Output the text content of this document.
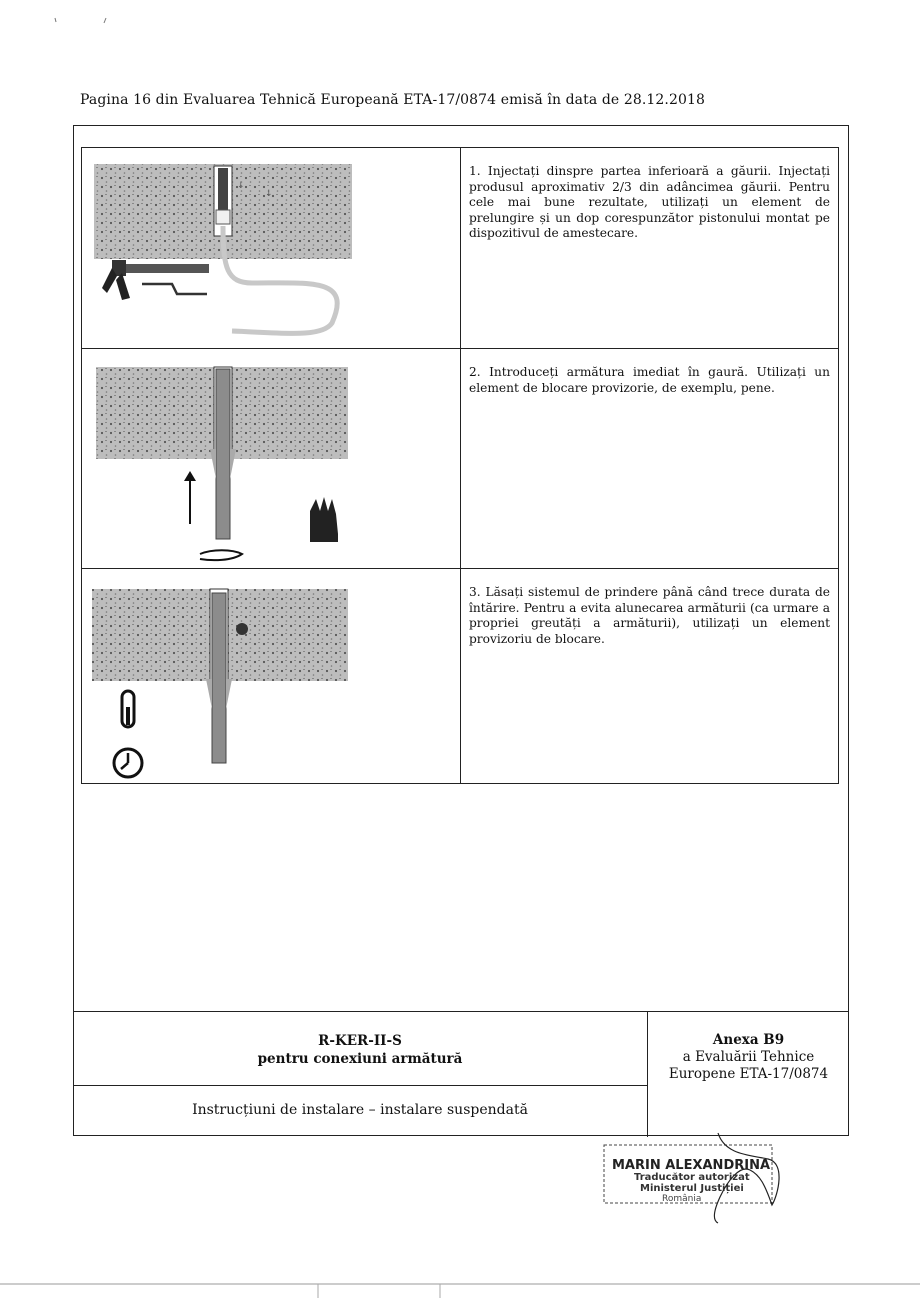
Pagina 16 din Evaluarea Tehnică Europeană ETA-17/0874 emisă în data de 28.12.2018
↓
↓	1. Injectați dinspre partea inferioară a găurii. Injectați produsul aproximativ 2/3 din adâncimea găurii. Pentru cele mai bune rezultate, utilizați un element de prelungire și un dop corespunzător pistonului montat pe dispozitivul de amestecare.

2. Introduceți armătura imediat în gaură. Utilizați un element de blocare provizorie, de exemplu, pene.

3. Lăsați sistemul de prindere până când trece durata de întărire. Pentru a evita alunecarea armăturii (ca urmare a propriei greutăți a armăturii), utilizați un element provizoriu de blocare.
R-KER-II-S
pentru conexiuni armătură
Instrucțiuni de instalare – instalare suspendată
Anexa B9
a Evaluării Tehnice
Europene ETA-17/0874
MARIN ALEXANDRINA
Traducător autorizat
Ministerul Justiției
România
